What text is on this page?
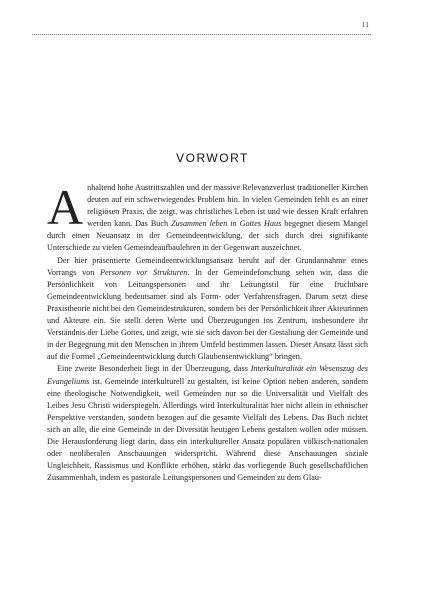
11
VORWORT

Anhaltend hohe Austrittszahlen und der massive Relevanzverlust traditioneller Kirchen deuten auf ein schwerwiegendes Problem hin. In vielen Gemeinden fehlt es an einer religiösen Praxis, die zeigt, was christliches Leben ist und wie dessen Kraft erfahren werden kann. Das Buch Zusammen leben in Gottes Haus begegnet diesem Mangel durch einen Neuansatz in der Gemeindeentwicklung, der sich durch drei signifikante Unterschiede zu vielen Gemeindeaufbaulehren in der Gegenwart auszeichnet.

Der hier präsentierte Gemeindeentwicklungsansatz beruht auf der Grundannahme eines Vorrangs von Personen vor Strukturen. In der Gemeindeforschung sehen wir, dass die Persönlichkeit von Leitungspersonen und ihr Leitungsstil für eine fruchtbare Gemeindeentwicklung bedeutsamer sind als Form- oder Verfahrensfragen. Darum setzt diese Praxistheorie nicht bei den Gemeindestrukturen, sondern bei der Persönlichkeit ihrer Akteurinnen und Akteure ein. Sie stellt deren Werte und Überzeugungen ins Zentrum, insbesondere ihr Verständnis der Liebe Gottes, und zeigt, wie sie sich davon bei der Gestaltung der Gemeinde und in der Begegnung mit den Menschen in ihrem Umfeld bestimmen lassen. Dieser Ansatz lässt sich auf die Formel „Gemeindeentwicklung durch Glaubensentwicklung“ bringen.

Eine zweite Besonderheit liegt in der Überzeugung, dass Interkulturalität ein Wesenszug des Evangeliums ist. Gemeinde interkulturell zu gestalten, ist keine Option neben anderen, sondern eine theologische Notwendigkeit, weil Gemeinden nur so die Universalität und Vielfalt des Leibes Jesu Christi widerspiegeln. Allerdings wird Interkulturalität hier nicht allein in ethnischer Perspektive verstanden, sondern bezogen auf die gesamte Vielfalt des Lebens. Das Buch richtet sich an alle, die eine Gemeinde in der Diversität heutigen Lebens gestalten wollen oder müssen. Die Herausforderung liegt darin, dass ein interkultureller Ansatz populären völkisch-nationalen oder neoliberalen Anschauungen widerspricht. Während diese Anschauungen soziale Ungleichheit, Rassismus und Konflikte erhöhen, stärkt das vorliegende Buch gesellschaftlichen Zusammenhalt, indem es pastorale Leitungspersonen und Gemeinden zu dem Glau-
